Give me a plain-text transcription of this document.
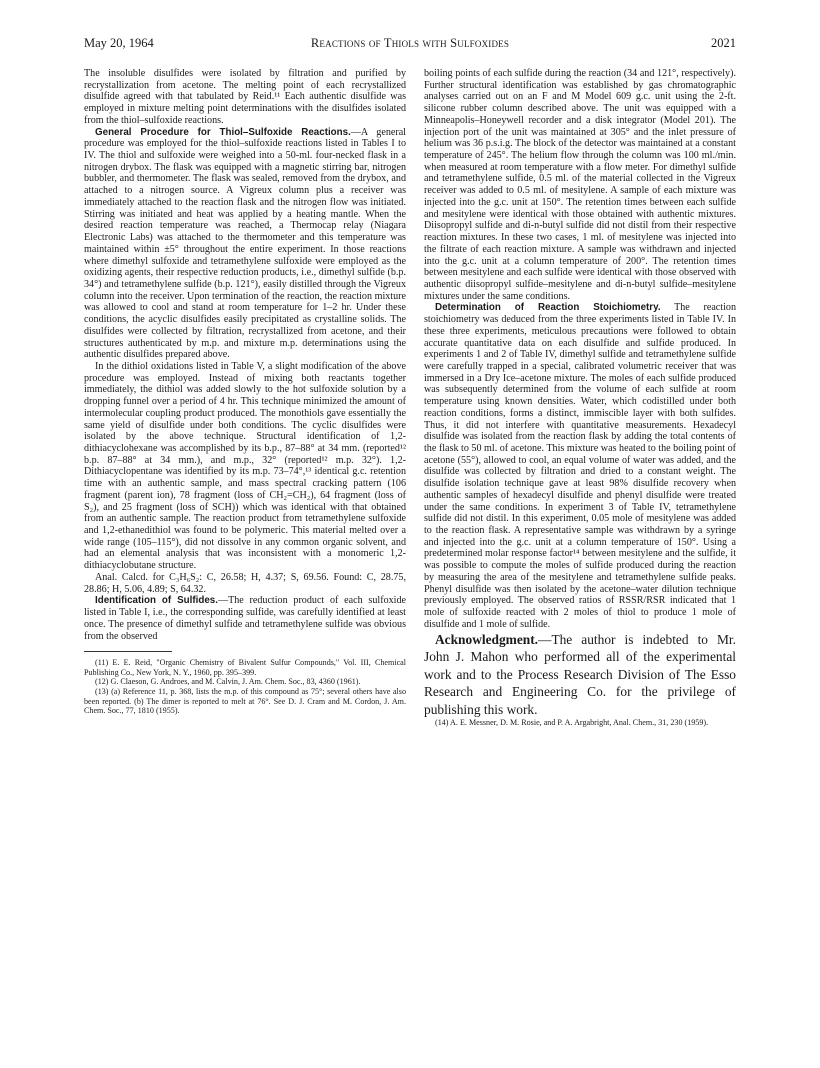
May 20, 1964	Reactions of Thiols with Sulfoxides	2021

The insoluble disulfides were isolated by filtration and purified by recrystallization from acetone. The melting point of each recrystallized disulfide agreed with that tabulated by Reid.¹¹ Each authentic disulfide was employed in mixture melting point determinations with the disulfides isolated from the thiol–sulfoxide reactions.

General Procedure for Thiol–Sulfoxide Reactions.—A general procedure was employed for the thiol–sulfoxide reactions listed in Tables I to IV. The thiol and sulfoxide were weighed into a 50-ml. four-necked flask in a nitrogen drybox. The flask was equipped with a magnetic stirring bar, nitrogen bubbler, and thermometer. The flask was sealed, removed from the drybox, and attached to a nitrogen source. A Vigreux column plus a receiver was immediately attached to the reaction flask and the nitrogen flow was initiated. Stirring was initiated and heat was applied by a heating mantle. When the desired reaction temperature was reached, a Thermocap relay (Niagara Electronic Labs) was attached to the thermometer and this temperature was maintained within ±5° throughout the entire experiment. In those reactions where dimethyl sulfoxide and tetramethylene sulfoxide were employed as the oxidizing agents, their respective reduction products, i.e., dimethyl sulfide (b.p. 34°) and tetramethylene sulfide (b.p. 121°), easily distilled through the Vigreux column into the receiver. Upon termination of the reaction, the reaction mixture was allowed to cool and stand at room temperature for 1–2 hr. Under these conditions, the acyclic disulfides easily precipitated as crystalline solids. The disulfides were collected by filtration, recrystallized from acetone, and their structures authenticated by m.p. and mixture m.p. determinations using the authentic disulfides prepared above.

In the dithiol oxidations listed in Table V, a slight modification of the above procedure was employed. Instead of mixing both reactants together immediately, the dithiol was added slowly to the hot sulfoxide solution by a dropping funnel over a period of 4 hr. This technique minimized the amount of intermolecular coupling product produced. The monothiols gave essentially the same yield of disulfide under both conditions. The cyclic disulfides were isolated by the above technique. Structural identification of 1,2-dithiacyclohexane was accomplished by its b.p., 87–88° at 34 mm. (reported¹² b.p. 87–88° at 34 mm.), and m.p., 32° (reported¹² m.p. 32°). 1,2-Dithiacyclopentane was identified by its m.p. 73–74°,¹³ identical g.c. retention time with an authentic sample, and mass spectral cracking pattern (106 fragment (parent ion), 78 fragment (loss of CH₂=CH₂), 64 fragment (loss of S₂), and 25 fragment (loss of SCH)) which was identical with that obtained from an authentic sample. The reaction product from tetramethylene sulfoxide and 1,2-ethanedithiol was found to be polymeric. This material melted over a wide range (105–115°), did not dissolve in any common organic solvent, and had an elemental analysis that was inconsistent with a monomeric 1,2-dithiacyclobutane structure.

Anal. Calcd. for C₃H₆S₂: C, 26.58; H, 4.37; S, 69.56. Found: C, 28.75, 28.86; H, 5.06, 4.89; S, 64.32.

Identification of Sulfides.—The reduction product of each sulfoxide listed in Table I, i.e., the corresponding sulfide, was carefully identified at least once. The presence of dimethyl sulfide and tetramethylene sulfide was obvious from the observed

(11) E. E. Reid, "Organic Chemistry of Bivalent Sulfur Compounds," Vol. III, Chemical Publishing Co., New York, N. Y., 1960, pp. 395–399.

(12) G. Claeson, G. Androes, and M. Calvin, J. Am. Chem. Soc., 83, 4360 (1961).

(13) (a) Reference 11, p. 368, lists the m.p. of this compound as 75°; several others have also been reported. (b) The dimer is reported to melt at 76°. See D. J. Cram and M. Cordon, J. Am. Chem. Soc., 77, 1810 (1955).

boiling points of each sulfide during the reaction (34 and 121°, respectively). Further structural identification was established by gas chromatographic analyses carried out on an F and M Model 609 g.c. unit using the 2-ft. silicone rubber column described above. The unit was equipped with a Minneapolis–Honeywell recorder and a disk integrator (Model 201). The injection port of the unit was maintained at 305° and the inlet pressure of helium was 36 p.s.i.g. The block of the detector was maintained at a constant temperature of 245°. The helium flow through the column was 100 ml./min. when measured at room temperature with a flow meter. For dimethyl sulfide and tetramethylene sulfide, 0.5 ml. of the material collected in the Vigreux receiver was added to 0.5 ml. of mesitylene. A sample of each mixture was injected into the g.c. unit at 150°. The retention times between each sulfide and mesitylene were identical with those obtained with authentic mixtures. Diisopropyl sulfide and di-n-butyl sulfide did not distil from their respective reaction mixtures. In these two cases, 1 ml. of mesitylene was injected into the filtrate of each reaction mixture. A sample was withdrawn and injected into the g.c. unit at a column temperature of 200°. The retention times between mesitylene and each sulfide were identical with those observed with authentic diisopropyl sulfide–mesitylene and di-n-butyl sulfide–mesitylene mixtures under the same conditions.

Determination of Reaction Stoichiometry. The reaction stoichiometry was deduced from the three experiments listed in Table IV. In these three experiments, meticulous precautions were followed to obtain accurate quantitative data on each disulfide and sulfide produced. In experiments 1 and 2 of Table IV, dimethyl sulfide and tetramethylene sulfide were carefully trapped in a special, calibrated volumetric receiver that was immersed in a Dry Ice–acetone mixture. The moles of each sulfide produced was subsequently determined from the volume of each sulfide at room temperature using known densities. Water, which codistilled under both reaction conditions, forms a distinct, immiscible layer with both sulfides. Thus, it did not interfere with quantitative measurements. Hexadecyl disulfide was isolated from the reaction flask by adding the total contents of the flask to 50 ml. of acetone. This mixture was heated to the boiling point of acetone (55°), allowed to cool, an equal volume of water was added, and the disulfide was collected by filtration and dried to a constant weight. The disulfide isolation technique gave at least 98% disulfide recovery when authentic samples of hexadecyl disulfide and phenyl disulfide were treated under the same conditions. In experiment 3 of Table IV, tetramethylene sulfide did not distil. In this experiment, 0.05 mole of mesitylene was added to the reaction flask. A representative sample was withdrawn by a syringe and injected into the g.c. unit at a column temperature of 150°. Using a predetermined molar response factor¹⁴ between mesitylene and the sulfide, it was possible to compute the moles of sulfide produced during the reaction by measuring the area of the mesitylene and tetramethylene sulfide peaks. Phenyl disulfide was then isolated by the acetone–water dilution technique previously employed. The observed ratios of RSSR/RSR indicated that 1 mole of sulfoxide reacted with 2 moles of thiol to produce 1 mole of disulfide and 1 mole of sulfide.

Acknowledgment.—The author is indebted to Mr. John J. Mahon who performed all of the experimental work and to the Process Research Division of The Esso Research and Engineering Co. for the privilege of publishing this work.

(14) A. E. Messner, D. M. Rosie, and P. A. Argabright, Anal. Chem., 31, 230 (1959).
